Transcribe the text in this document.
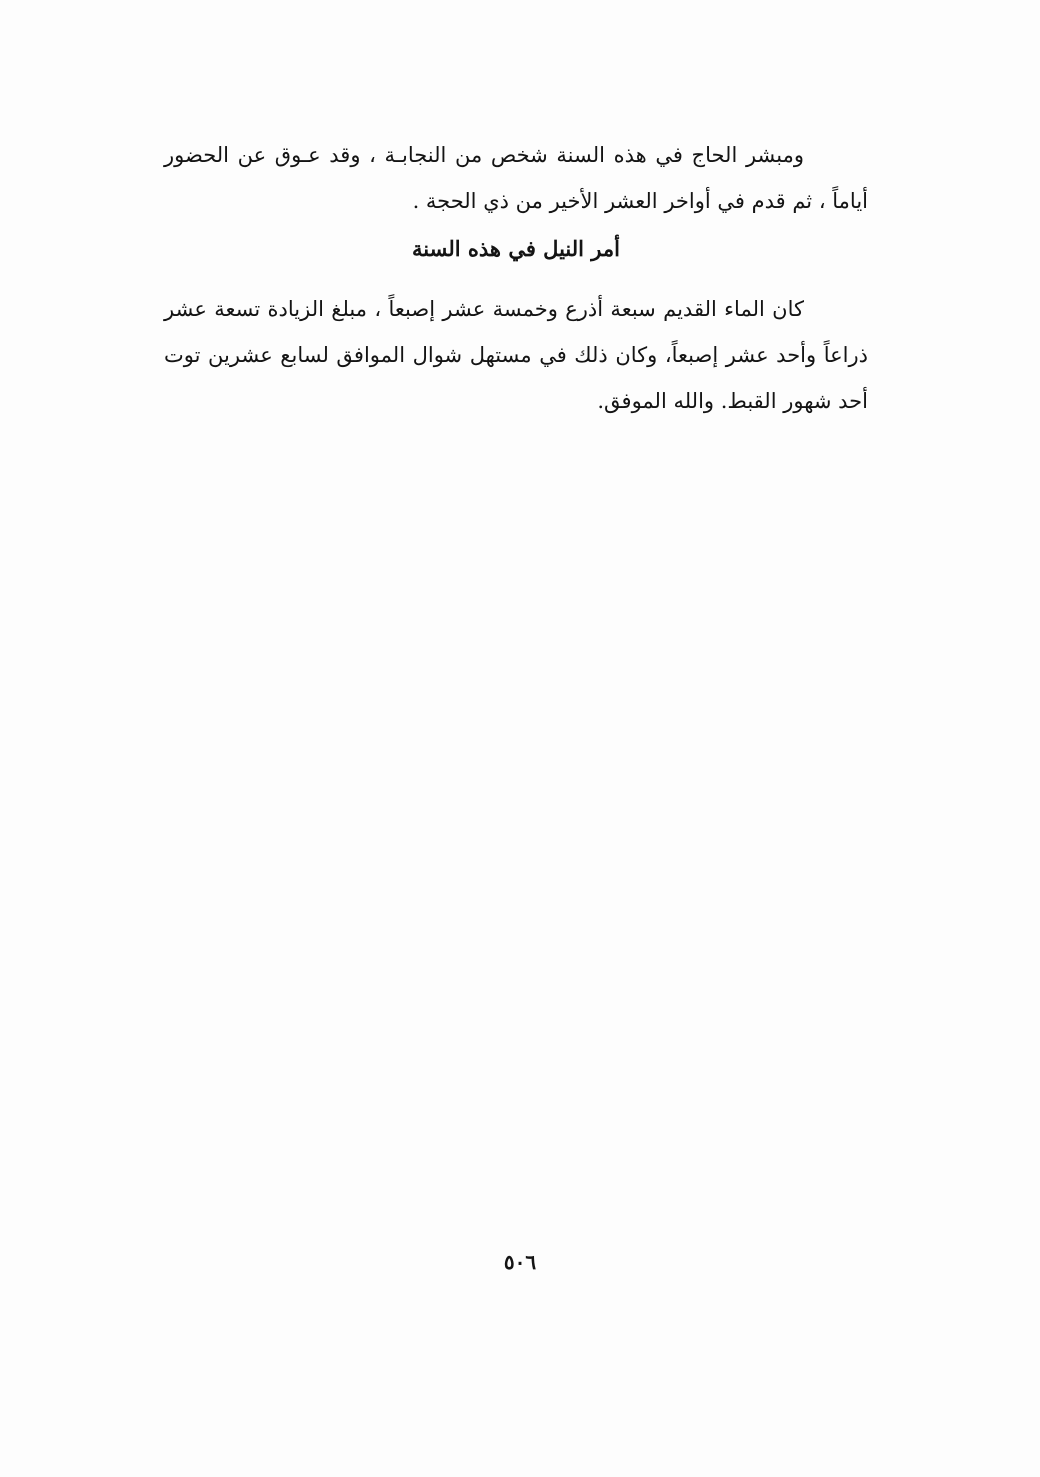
ومبشر الحاج في هذه السنة شخص من النجابـة ، وقد عـوق عن الحضور أياماً ، ثم قدم في أواخر العشر الأخير من ذي الحجة .

أمر النيل في هذه السنة

كان الماء القديم سبعة أذرع وخمسة عشر إصبعاً ، مبلغ الزيادة تسعة عشر ذراعاً وأحد عشر إصبعاً، وكان ذلك في مستهل شوال الموافق لسابع عشرين توت أحد شهور القبط. والله الموفق.

٥٠٦
